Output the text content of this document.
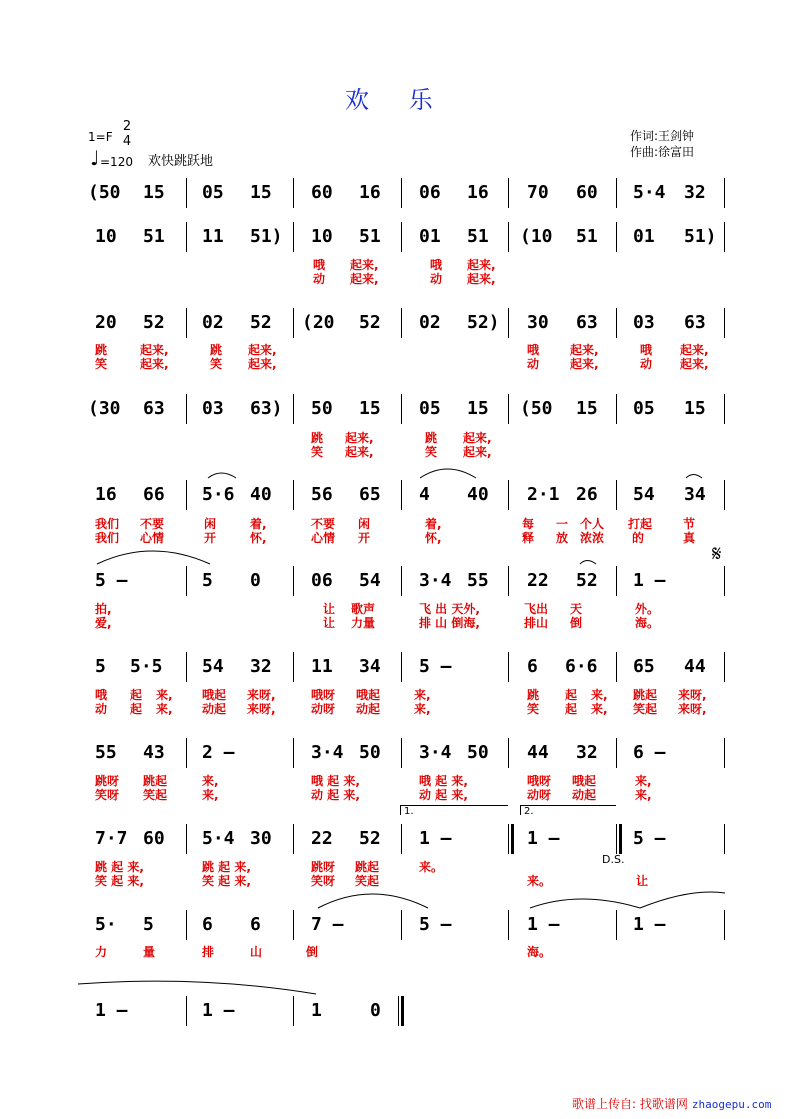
欢 乐
1=F
2
4
♩ =120 欢快跳跃地
作词:王剑钟
作曲:徐富田
(50 15 05 15 60 16 06 16 70 60 5·4 32
10 51 11 51) 10 51 01 51 (10 51 01 51)
哦 起来,	哦 起来,
动 起来,	动 起来,
20 52 02 52 (20 52 02 52) 30 63 03 63
跳	起来,	跳 起来,	哦	起来,	哦 起来,
笑	起来,	笑 起来,	动	起来,	动 起来,
(30 63 03 63) 50 15 05 15 (50 15 05 15
跳 起来,	跳 起来,
笑 起来,	笑 起来,
16 66 5·6 40 56 65 4 40 2·1 26 54 34
我们 不要	闲	着,	不要 闲	着,	每 一 个人 打起	节
我们 心情	开	怀,	心情 开	怀,	释 放 浓浓 的	真
5 –	5 0	06 54 3·4 55 22 52 1 –
𝄋
拍,	让 歌声	飞 出 天外,	飞出 天	外。
爱,	让 力量	排 山 倒海,	排山 倒	海。
5 5·5 54 32 11 34 5 –	6 6·6 65 44
哦 起 来, 哦起 来呀,	哦呀 哦起	来,	跳 起 来, 跳起 来呀,
动 起 来, 动起 来呀,	动呀 动起	来,	笑 起 来, 笑起 来呀,
55 43 2 –	3·4 50 3·4 50 44 32 6 –
跳呀 跳起	来,	哦 起 来,	哦 起 来,	哦呀 哦起	来,
笑呀 笑起	来,	动 起 来,	动 起 来,	动呀 动起	来,
1.	2.
7·7 60 5·4 30 22 52 1 –	1 –	5 –
D.S.
跳 起 来,	跳 起 来,	跳呀 跳起	来。
笑 起 来,	笑 起 来,	笑呀 笑起	来。	让
5· 5	6 6	7 –	5 –	1 –	1 –
力	量	排	山	倒	海。
1 –	1 –	1	0
歌谱上传自: 找歌谱网 zhaogepu.com
